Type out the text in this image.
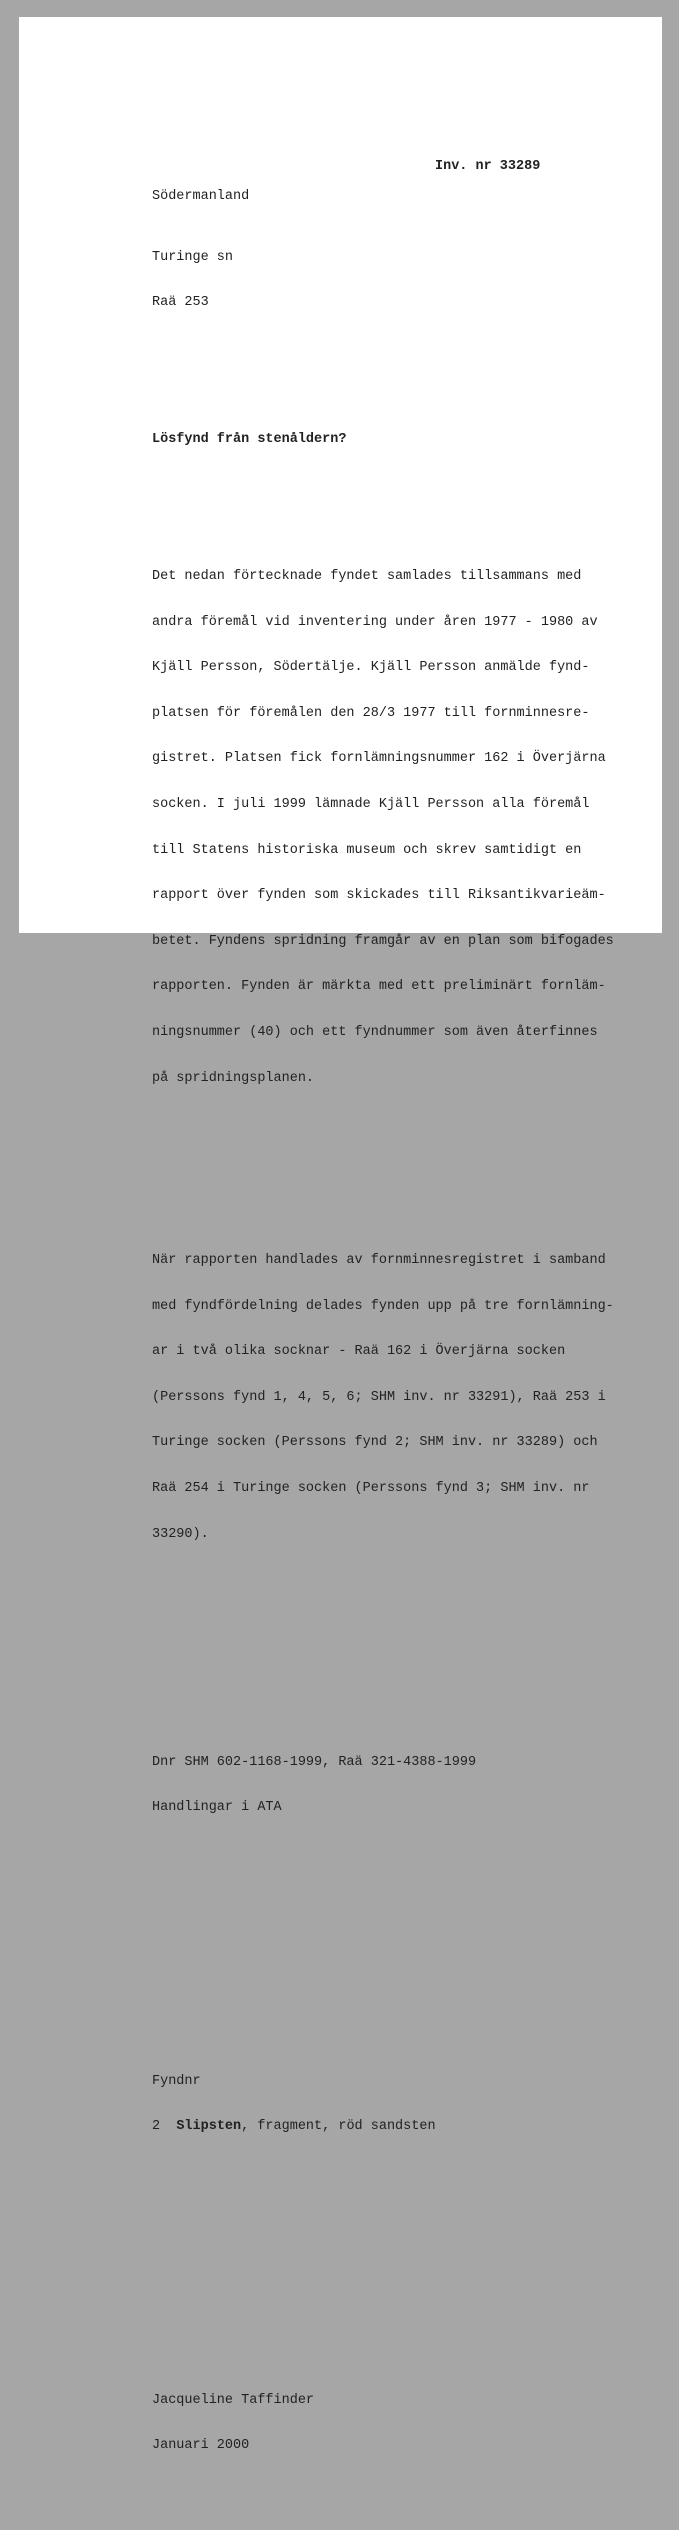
Södermanland

Inv. nr 33289

Turinge sn

Raä 253

Lösfynd från stenåldern?

Det nedan förtecknade fyndet samlades tillsammans med

andra föremål vid inventering under åren 1977 - 1980 av

Kjäll Persson, Södertälje. Kjäll Persson anmälde fynd-

platsen för föremålen den 28/3 1977 till fornminnesre-

gistret. Platsen fick fornlämningsnummer 162 i Överjärna

socken. I juli 1999 lämnade Kjäll Persson alla föremål

till Statens historiska museum och skrev samtidigt en

rapport över fynden som skickades till Riksantikvarieäm-

betet. Fyndens spridning framgår av en plan som bifogades

rapporten. Fynden är märkta med ett preliminärt fornläm-

ningsnummer (40) och ett fyndnummer som även återfinnes

på spridningsplanen.

När rapporten handlades av fornminnesregistret i samband

med fyndfördelning delades fynden upp på tre fornlämning-

ar i två olika socknar - Raä 162 i Överjärna socken

(Perssons fynd 1, 4, 5, 6; SHM inv. nr 33291), Raä 253 i

Turinge socken (Perssons fynd 2; SHM inv. nr 33289) och

Raä 254 i Turinge socken (Perssons fynd 3; SHM inv. nr

33290).

Dnr SHM 602-1168-1999, Raä 321-4388-1999

Handlingar i ATA

Fyndnr

2 Slipsten, fragment, röd sandsten

Jacqueline Taffinder

Januari 2000
